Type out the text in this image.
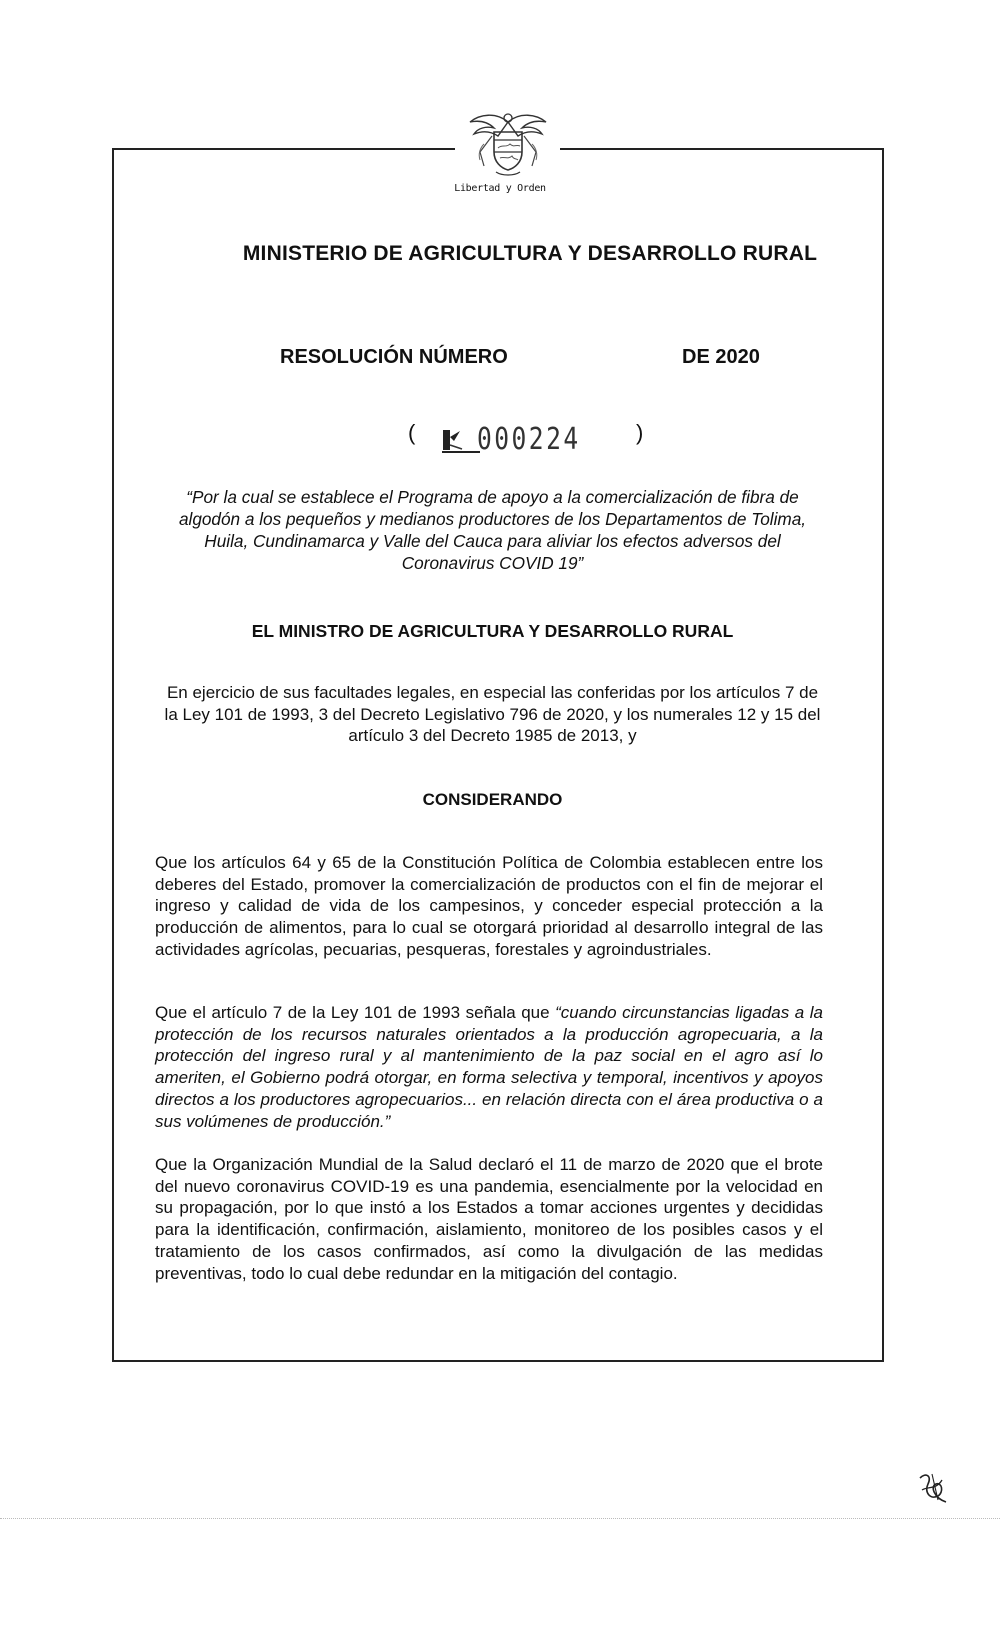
Libertad y Orden
MINISTERIO DE AGRICULTURA Y DESARROLLO RURAL
RESOLUCIÓN NÚMERO	DE 2020
( 000224	)
“Por la cual se establece el Programa de apoyo a la comercialización de fibra de algodón a los pequeños y medianos productores de los Departamentos de Tolima, Huila, Cundinamarca y Valle del Cauca para aliviar los efectos adversos del Coronavirus COVID 19”
EL MINISTRO DE AGRICULTURA Y DESARROLLO RURAL
En ejercicio de sus facultades legales, en especial las conferidas por los artículos 7 de la Ley 101 de 1993, 3 del Decreto Legislativo 796 de 2020, y los numerales 12 y 15 del artículo 3 del Decreto 1985 de 2013, y
CONSIDERANDO
Que los artículos 64 y 65 de la Constitución Política de Colombia establecen entre los deberes del Estado, promover la comercialización de productos con el fin de mejorar el ingreso y calidad de vida de los campesinos, y conceder especial protección a la producción de alimentos, para lo cual se otorgará prioridad al desarrollo integral de las actividades agrícolas, pecuarias, pesqueras, forestales y agroindustriales.
Que el artículo 7 de la Ley 101 de 1993 señala que “cuando circunstancias ligadas a la protección de los recursos naturales orientados a la producción agropecuaria, a la protección del ingreso rural y al mantenimiento de la paz social en el agro así lo ameriten, el Gobierno podrá otorgar, en forma selectiva y temporal, incentivos y apoyos directos a los productores agropecuarios... en relación directa con el área productiva o a sus volúmenes de producción.”
Que la Organización Mundial de la Salud declaró el 11 de marzo de 2020 que el brote del nuevo coronavirus COVID-19 es una pandemia, esencialmente por la velocidad en su propagación, por lo que instó a los Estados a tomar acciones urgentes y decididas para la identificación, confirmación, aislamiento, monitoreo de los posibles casos y el tratamiento de los casos confirmados, así como la divulgación de las medidas preventivas, todo lo cual debe redundar en la mitigación del contagio.
